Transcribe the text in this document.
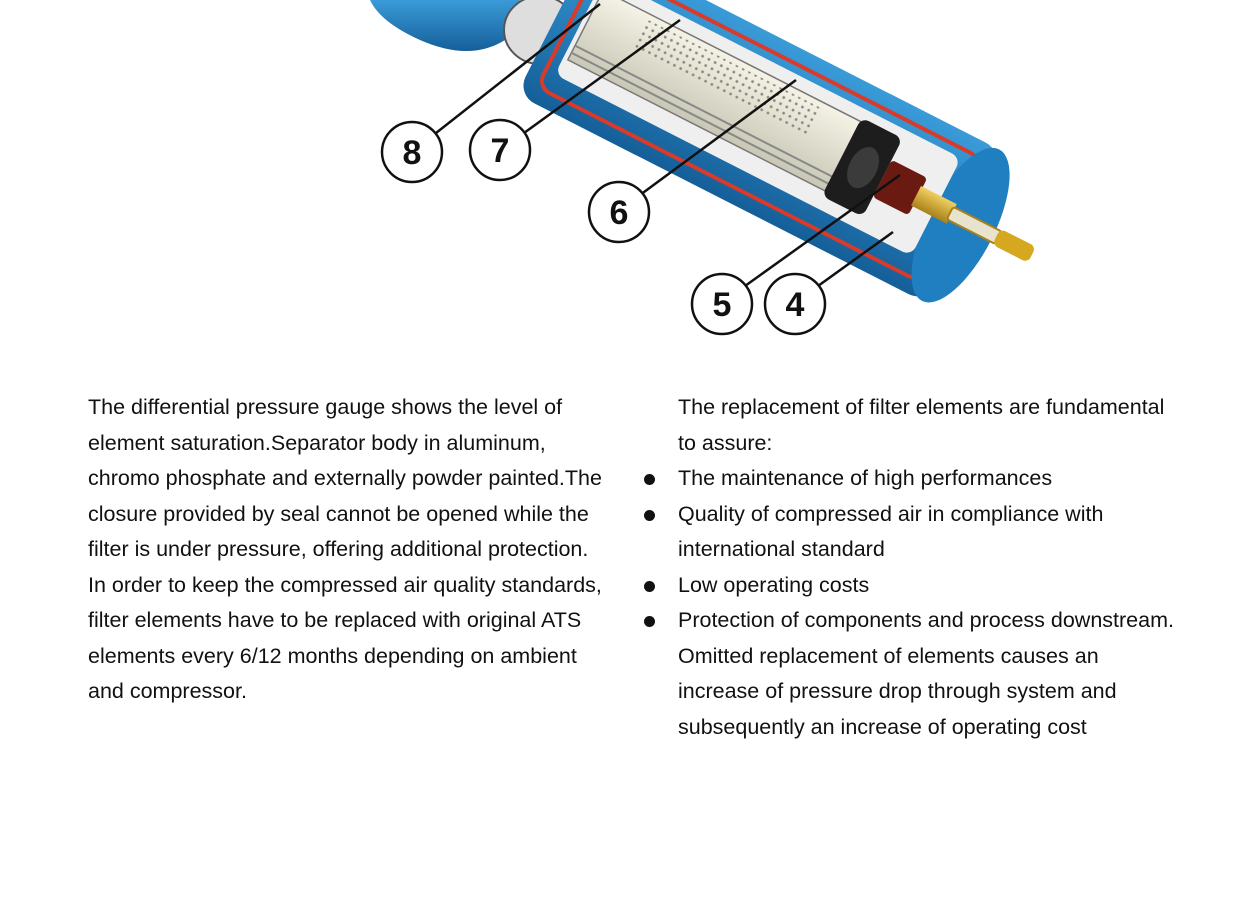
8 7
6
5 4

The differential pressure gauge shows the level of element saturation.Separator body in aluminum, chromo phosphate and externally powder painted.The closure provided by seal cannot be opened while the filter is under pressure, offering additional protection.

In order to keep the compressed air quality standards, filter elements have to be replaced with original ATS elements every 6/12 months depending on ambient and compressor.

The replacement of filter elements are fundamental to assure:

The maintenance of high performances
Quality of compressed air in compliance with international standard
Low operating costs
Protection of components and process downstream. Omitted replacement of elements causes an increase of pressure drop through system and subsequently an increase of operating cost
